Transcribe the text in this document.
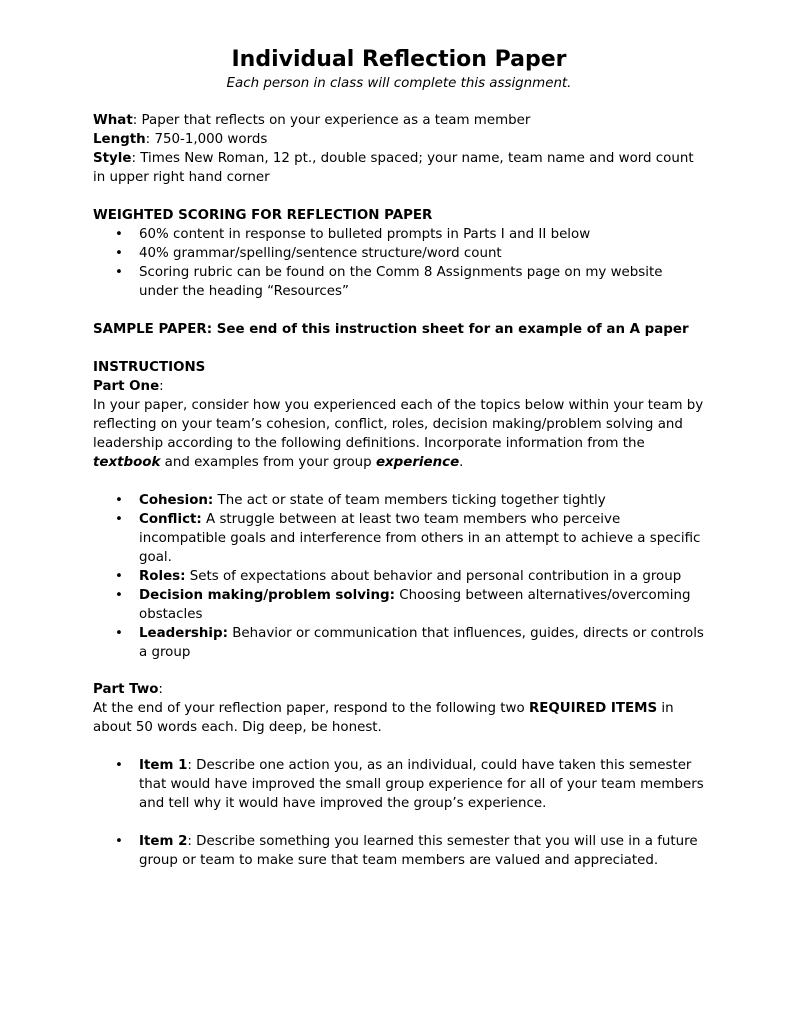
Individual Reflection Paper

Each person in class will complete this assignment.

What: Paper that reflects on your experience as a team member

Length: 750-1,000 words

Style: Times New Roman, 12 pt., double spaced; your name, team name and word count in upper right hand corner

WEIGHTED SCORING FOR REFLECTION PAPER

• 60% content in response to bulleted prompts in Parts I and II below
• 40% grammar/spelling/sentence structure/word count
• Scoring rubric can be found on the Comm 8 Assignments page on my website under the heading “Resources”

SAMPLE PAPER: See end of this instruction sheet for an example of an A paper

INSTRUCTIONS

Part One:

In your paper, consider how you experienced each of the topics below within your team by reflecting on your team’s cohesion, conflict, roles, decision making/problem solving and leadership according to the following definitions. Incorporate information from the textbook and examples from your group experience.

• Cohesion: The act or state of team members ticking together tightly
• Conflict: A struggle between at least two team members who perceive incompatible goals and interference from others in an attempt to achieve a specific goal.
• Roles: Sets of expectations about behavior and personal contribution in a group
• Decision making/problem solving: Choosing between alternatives/overcoming obstacles
• Leadership: Behavior or communication that influences, guides, directs or controls a group

Part Two:

At the end of your reflection paper, respond to the following two REQUIRED ITEMS in about 50 words each. Dig deep, be honest.

• Item 1: Describe one action you, as an individual, could have taken this semester that would have improved the small group experience for all of your team members and tell why it would have improved the group’s experience.
• Item 2: Describe something you learned this semester that you will use in a future group or team to make sure that team members are valued and appreciated.
